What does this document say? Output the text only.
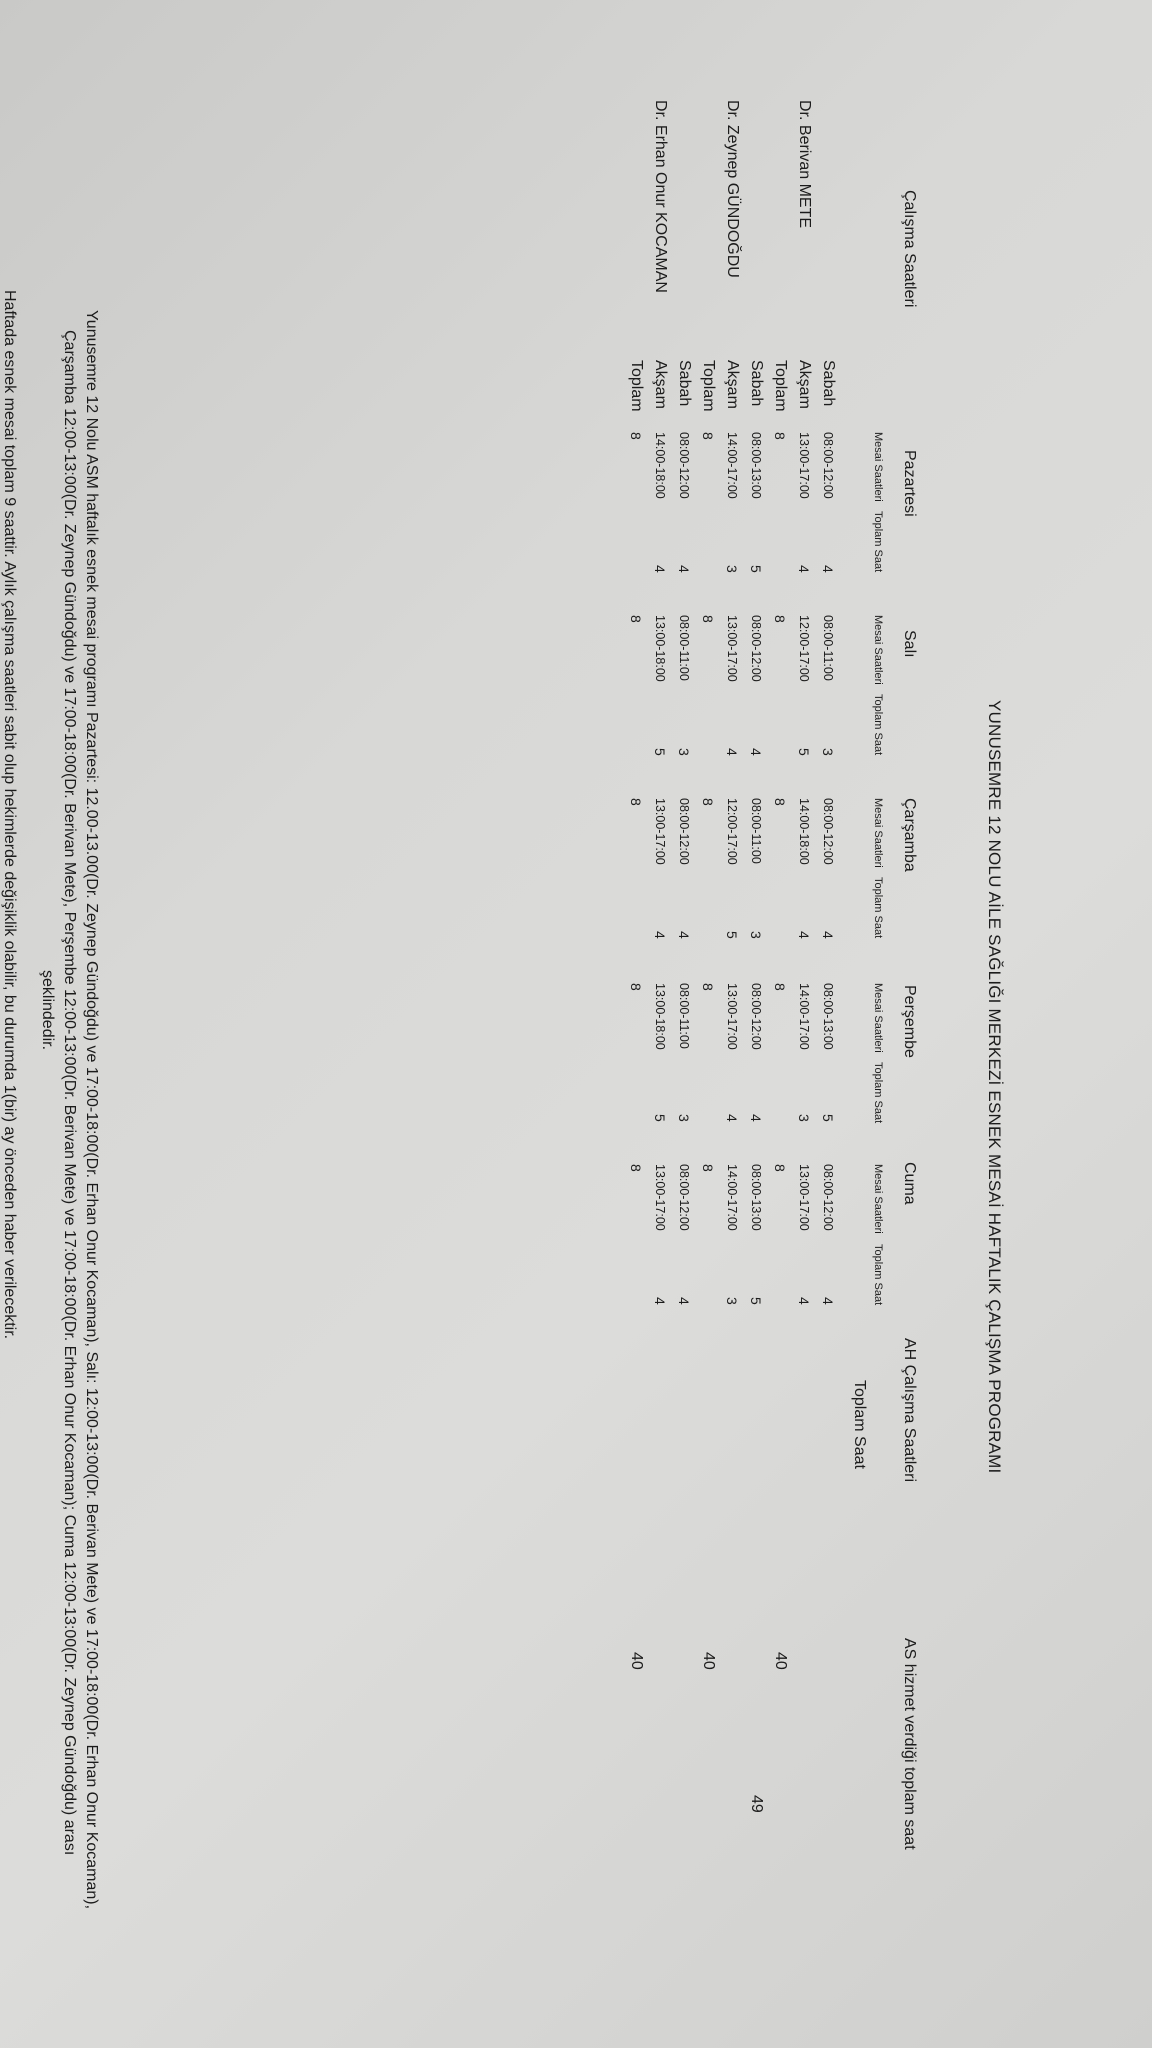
YUNUSEMRE 12 NOLU AİLE SAĞLIĞI MERKEZİ ESNEK MESAİ HAFTALIK ÇALIŞMA PROGRAMI
Çalışma Saatleri
Pazartesi
Salı
Çarşamba
Perşembe
Cuma
AH Çalışma Saatleri
AS hizmet verdiği toplam saat
Toplam Saat
Mesai Saatleri
Toplam Saat
Mesai Saatleri
Toplam Saat
Mesai Saatleri
Toplam Saat
Mesai Saatleri
Toplam Saat
Mesai Saatleri
Toplam Saat
Sabah
08:00-12:00
4
08:00-11:00
3
08:00-12:00
4
08:00-13:00
5
08:00-12:00
4
Dr. Berivan METE
Akşam
13:00-17:00
4
12:00-17:00
5
14:00-18:00
4
14:00-17:00
3
13:00-17:00
4
Toplam
8
8
8
8
8
40
Sabah
08:00-13:00
5
08:00-12:00
4
08:00-11:00
3
08:00-12:00
4
08:00-13:00
5
49
Dr. Zeynep GÜNDOĞDU
Akşam
14:00-17:00
3
13:00-17:00
4
12:00-17:00
5
13:00-17:00
4
14:00-17:00
3
Toplam
8
8
8
8
8
40
Sabah
08:00-12:00
4
08:00-11:00
3
08:00-12:00
4
08:00-11:00
3
08:00-12:00
4
Dr. Erhan Onur KOCAMAN
Akşam
14:00-18:00
4
13:00-18:00
5
13:00-17:00
4
13:00-18:00
5
13:00-17:00
4
Toplam
8
8
8
8
8
40
Yunusemre 12 Nolu ASM haftalık esnek mesai programı Pazartesi: 12.00-13.00(Dr. Zeynep Gündoğdu) ve 17:00-18:00(Dr. Erhan Onur Kocaman), Salı: 12:00-13:00(Dr. Berivan Mete) ve 17:00-18:00(Dr. Erhan Onur Kocaman),
Çarşamba 12:00-13:00(Dr. Zeynep Gündoğdu) ve 17:00-18:00(Dr. Berivan Mete), Perşembe 12:00-13:00(Dr. Berivan Mete) ve 17:00-18:00(Dr. Erhan Onur Kocaman); Cuma 12:00-13:00(Dr. Zeynep Gündoğdu) arası
şeklindedir.
Haftada esnek mesai toplam 9 saattir. Aylık çalışma saatleri sabit olup hekimlerde değişiklik olabilir, bu durumda 1(bir) ay önceden haber verilecektir.
